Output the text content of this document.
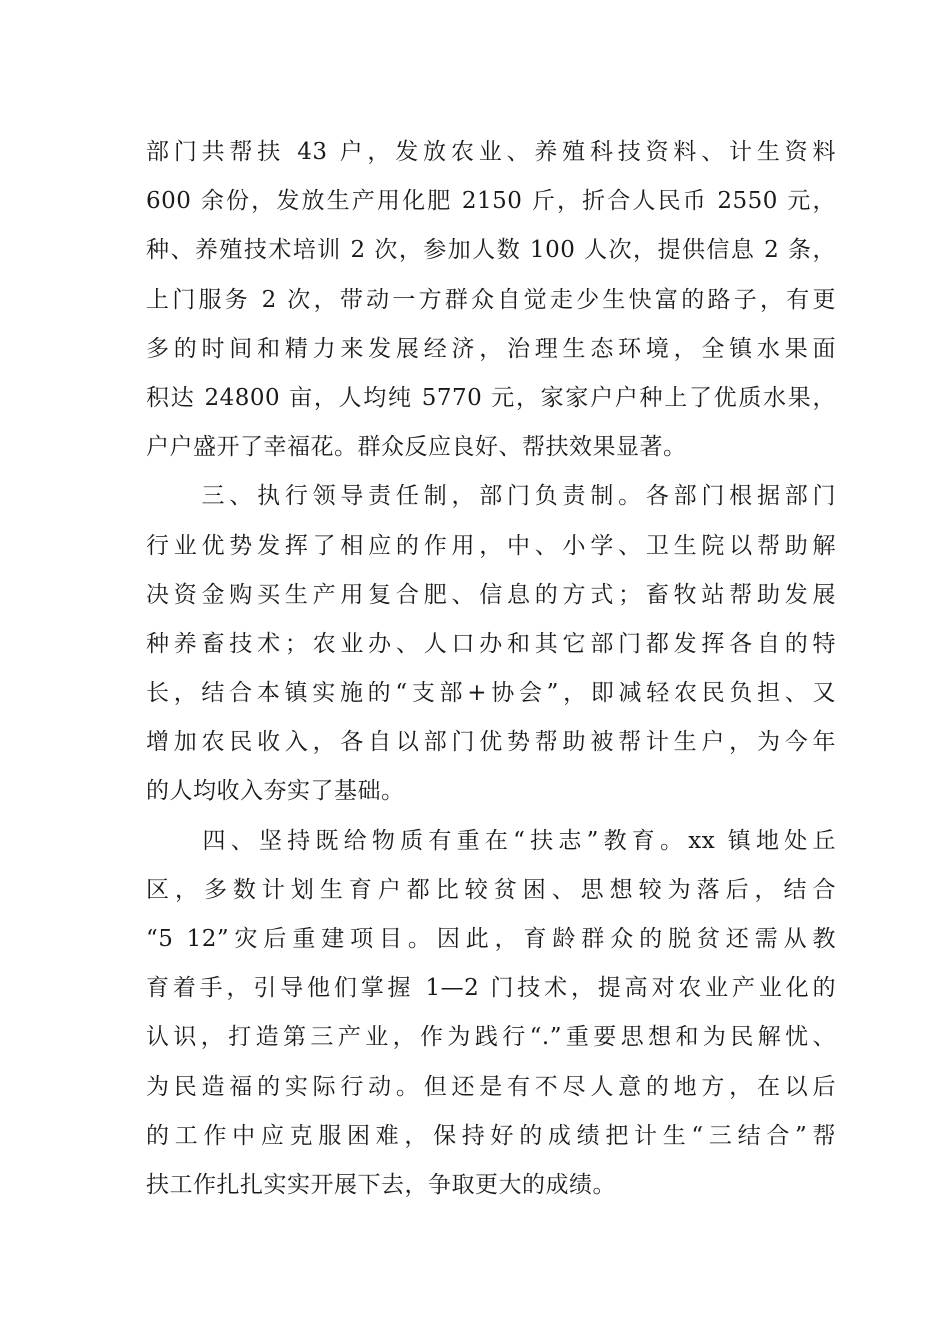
部门共帮扶 43 户，发放农业、养殖科技资料、计生资料
600 余份，发放生产用化肥 2150 斤，折合人民币 2550 元，
种、养殖技术培训 2 次，参加人数 100 人次，提供信息 2 条，
上门服务 2 次，带动一方群众自觉走少生快富的路子，有更
多的时间和精力来发展经济，治理生态环境，全镇水果面
积达 24800 亩，人均纯 5770 元，家家户户种上了优质水果，
户户盛开了幸福花。群众反应良好、帮扶效果显著。
　　三、执行领导责任制，部门负责制。各部门根据部门
行业优势发挥了相应的作用，中、小学、卫生院以帮助解
决资金购买生产用复合肥、信息的方式；畜牧站帮助发展
种养畜技术；农业办、人口办和其它部门都发挥各自的特
长，结合本镇实施的“支部+协会”，即减轻农民负担、又
增加农民收入，各自以部门优势帮助被帮计生户，为今年
的人均收入夯实了基础。
　　四、坚持既给物质有重在“扶志”教育。xx 镇地处丘
区，多数计划生育户都比较贫困、思想较为落后，结合
“5 12”灾后重建项目。因此，育龄群众的脱贫还需从教
育着手，引导他们掌握 1—2 门技术，提高对农业产业化的
认识，打造第三产业，作为践行“.”重要思想和为民解忧、
为民造福的实际行动。但还是有不尽人意的地方，在以后
的工作中应克服困难，保持好的成绩把计生“三结合”帮
扶工作扎扎实实开展下去，争取更大的成绩。
